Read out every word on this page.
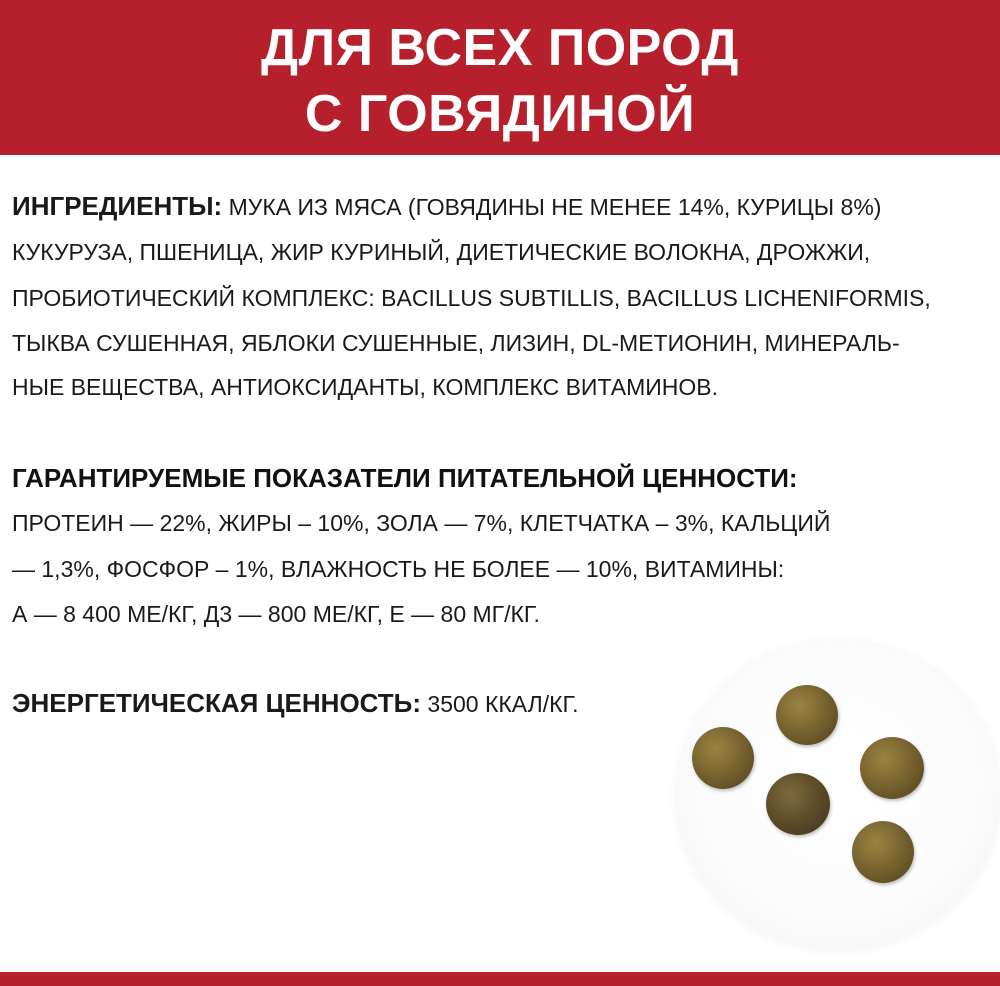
ДЛЯ ВСЕХ ПОРОД
С ГОВЯДИНОЙ
ИНГРЕДИЕНТЫ: МУКА ИЗ МЯСА (ГОВЯДИНЫ НЕ МЕНЕЕ 14%, КУРИЦЫ 8%)
КУКУРУЗА, ПШЕНИЦА, ЖИР КУРИНЫЙ, ДИЕТИЧЕСКИЕ ВОЛОКНА, ДРОЖЖИ,
ПРОБИОТИЧЕСКИЙ КОМПЛЕКС: BACILLUS SUBTILLIS, BACILLUS LICHENIFORMIS,
ТЫКВА СУШЕННАЯ, ЯБЛОКИ СУШЕННЫЕ, ЛИЗИН, DL-МЕТИОНИН, МИНЕРАЛЬ-
НЫЕ ВЕЩЕСТВА, АНТИОКСИДАНТЫ, КОМПЛЕКС ВИТАМИНОВ.
ГАРАНТИРУЕМЫЕ ПОКАЗАТЕЛИ ПИТАТЕЛЬНОЙ ЦЕННОСТИ:
ПРОТЕИН — 22%, ЖИРЫ – 10%, ЗОЛА — 7%, КЛЕТЧАТКА – 3%, КАЛЬЦИЙ
— 1,3%, ФОСФОР – 1%, ВЛАЖНОСТЬ НЕ БОЛЕЕ — 10%, ВИТАМИНЫ:
А — 8 400 МЕ/КГ, Д3 — 800 МЕ/КГ, Е — 80 МГ/КГ.
ЭНЕРГЕТИЧЕСКАЯ ЦЕННОСТЬ: 3500 ККАЛ/КГ.
